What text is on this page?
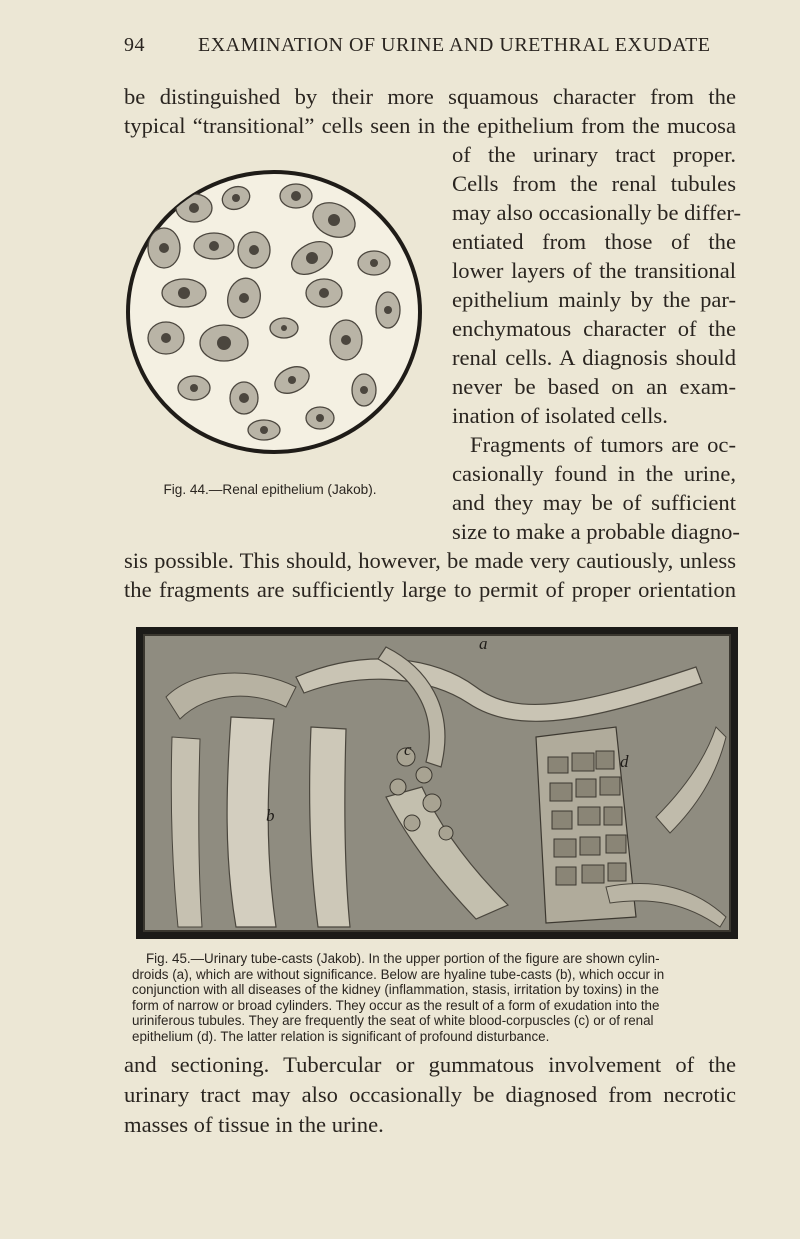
94	EXAMINATION OF URINE AND URETHRAL EXUDATE
be distinguished by their more squamous character from the
typical “transitional” cells seen in the epithelium from the mucosa
of the urinary tract proper.
Cells from the renal tubules
may also occasionally be differ-
entiated from those of the
lower layers of the transitional
epithelium mainly by the par-
enchymatous character of the
renal cells. A diagnosis should
never be based on an exam-
ination of isolated cells.
Fragments of tumors are oc-
casionally found in the urine,
and they may be of sufficient
size to make a probable diagno-
sis possible. This should, however, be made very cautiously, unless
the fragments are sufficiently large to permit of proper orientation
Fig. 44.—Renal epithelium (Jakob).
a
b
c
d
Fig. 45.—Urinary tube-casts (Jakob). In the upper portion of the figure are shown cylin-
droids (a), which are without significance. Below are hyaline tube-casts (b), which occur in
conjunction with all diseases of the kidney (inflammation, stasis, irritation by toxins) in the
form of narrow or broad cylinders. They occur as the result of a form of exudation into the
uriniferous tubules. They are frequently the seat of white blood-corpuscles (c) or of renal
epithelium (d). The latter relation is significant of profound disturbance.
and sectioning. Tubercular or gummatous involvement of the
urinary tract may also occasionally be diagnosed from necrotic
masses of tissue in the urine.
